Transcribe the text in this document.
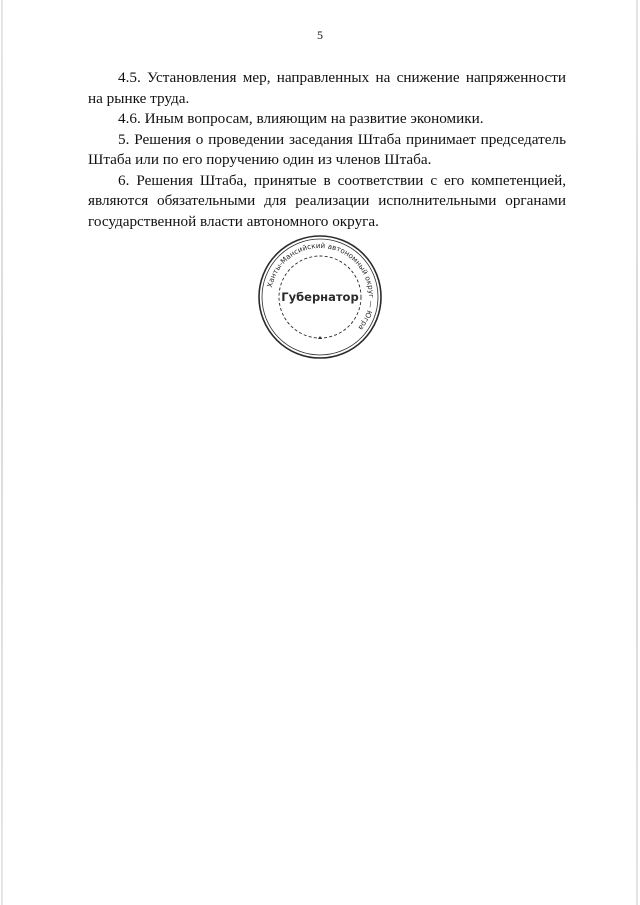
5

4.5. Установления мер, направленных на снижение напряженности на рынке труда.

4.6. Иным вопросам, влияющим на развитие экономики.

5. Решения о проведении заседания Штаба принимает председатель Штаба или по его поручению один из членов Штаба.

6. Решения Штаба, принятые в соответствии с его компетенцией, являются обязательными для реализации исполнительными органами государственной власти автономного округа.

Ханты-Мансийский автономный округ — Югра
Губернатор
